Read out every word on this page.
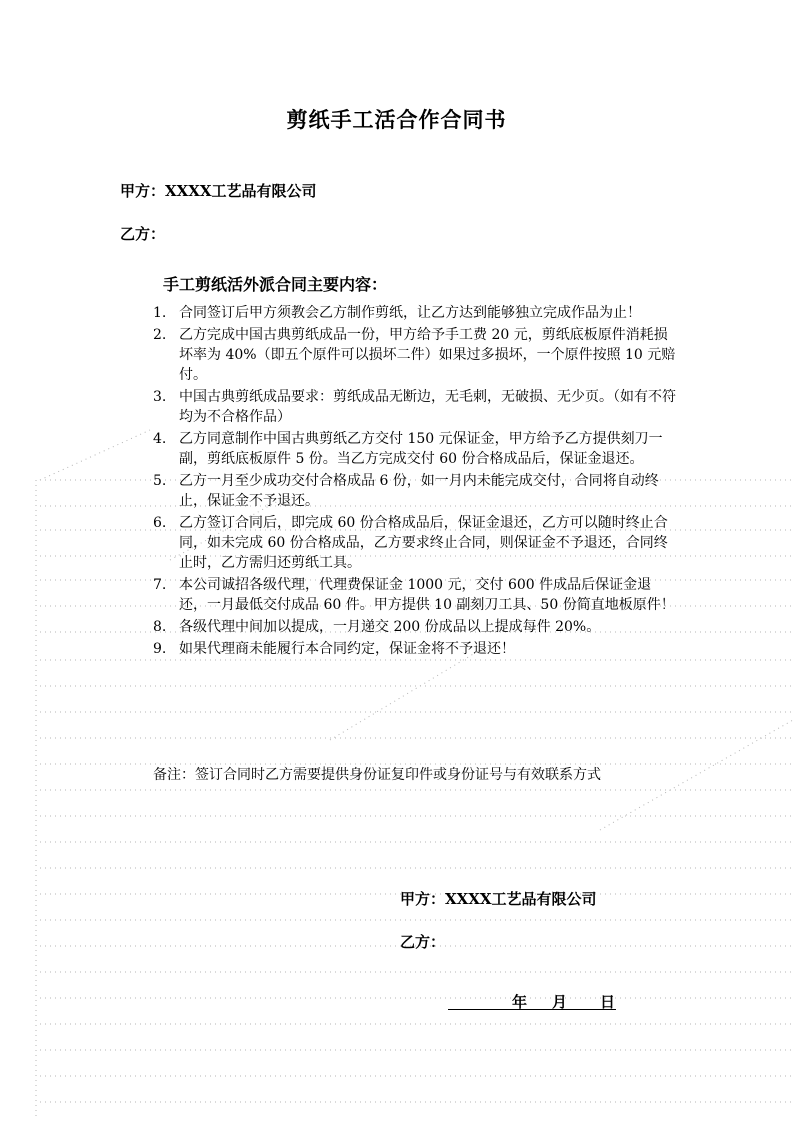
剪纸手工活合作合同书
甲方：XXXX工艺品有限公司
乙方：
手工剪纸活外派合同主要内容：
1. 合同签订后甲方须教会乙方制作剪纸，让乙方达到能够独立完成作品为止！
2. 乙方完成中国古典剪纸成品一份，甲方给予手工费 20 元，剪纸底板原件消耗损坏率为 40%（即五个原件可以损坏二件）如果过多损坏，一个原件按照 10 元赔付。
3. 中国古典剪纸成品要求：剪纸成品无断边，无毛刺，无破损、无少页。（如有不符均为不合格作品）
4. 乙方同意制作中国古典剪纸乙方交付 150 元保证金，甲方给予乙方提供刻刀一副，剪纸底板原件 5 份。当乙方完成交付 60 份合格成品后，保证金退还。
5. 乙方一月至少成功交付合格成品 6 份，如一月内未能完成交付，合同将自动终止，保证金不予退还。
6. 乙方签订合同后，即完成 60 份合格成品后，保证金退还，乙方可以随时终止合同，如未完成 60 份合格成品，乙方要求终止合同，则保证金不予退还，合同终止时，乙方需归还剪纸工具。
7. 本公司诚招各级代理，代理费保证金 1000 元，交付 600 件成品后保证金退还，一月最低交付成品 60 件。甲方提供 10 副刻刀工具、50 份简直地板原件！
8. 各级代理中间加以提成，一月递交 200 份成品以上提成每件 20%。
9. 如果代理商未能履行本合同约定，保证金将不予退还！
备注：签订合同时乙方需要提供身份证复印件或身份证号与有效联系方式
甲方：XXXX工艺品有限公司
乙方：
年 月 日
